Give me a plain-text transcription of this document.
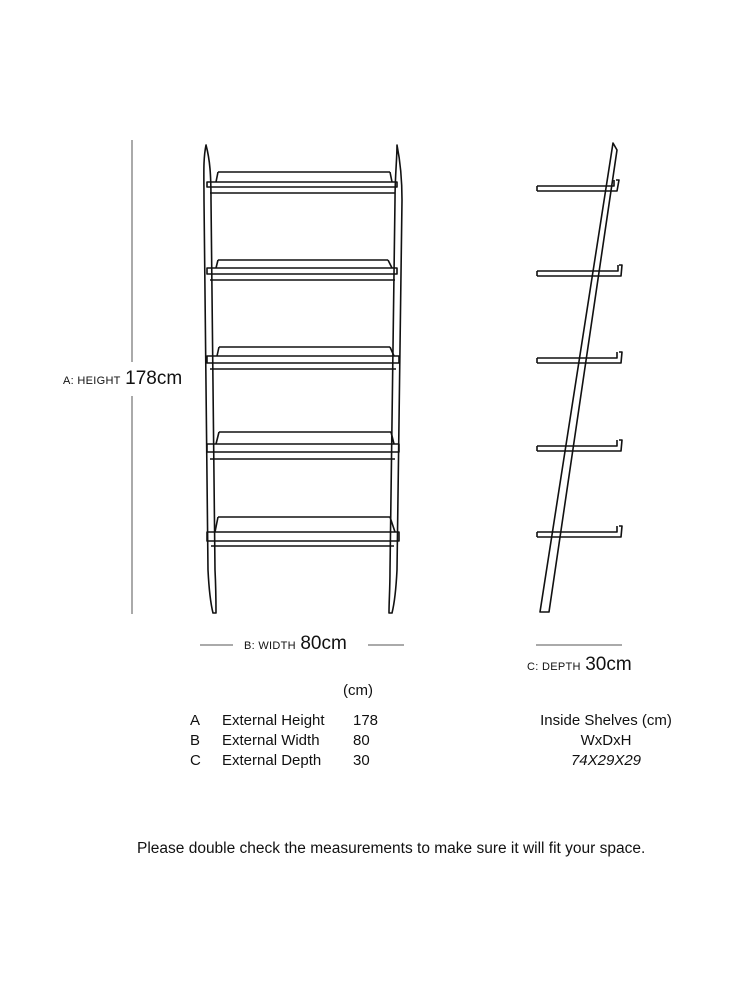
A: HEIGHT 178cm
B: WIDTH 80cm
C: DEPTH 30cm
(cm)
A	External Height	178
B	External Width	80
C	External Depth	30
Inside Shelves (cm)
WxDxH
74X29X29
Please double check the measurements to make sure it will fit your space.
